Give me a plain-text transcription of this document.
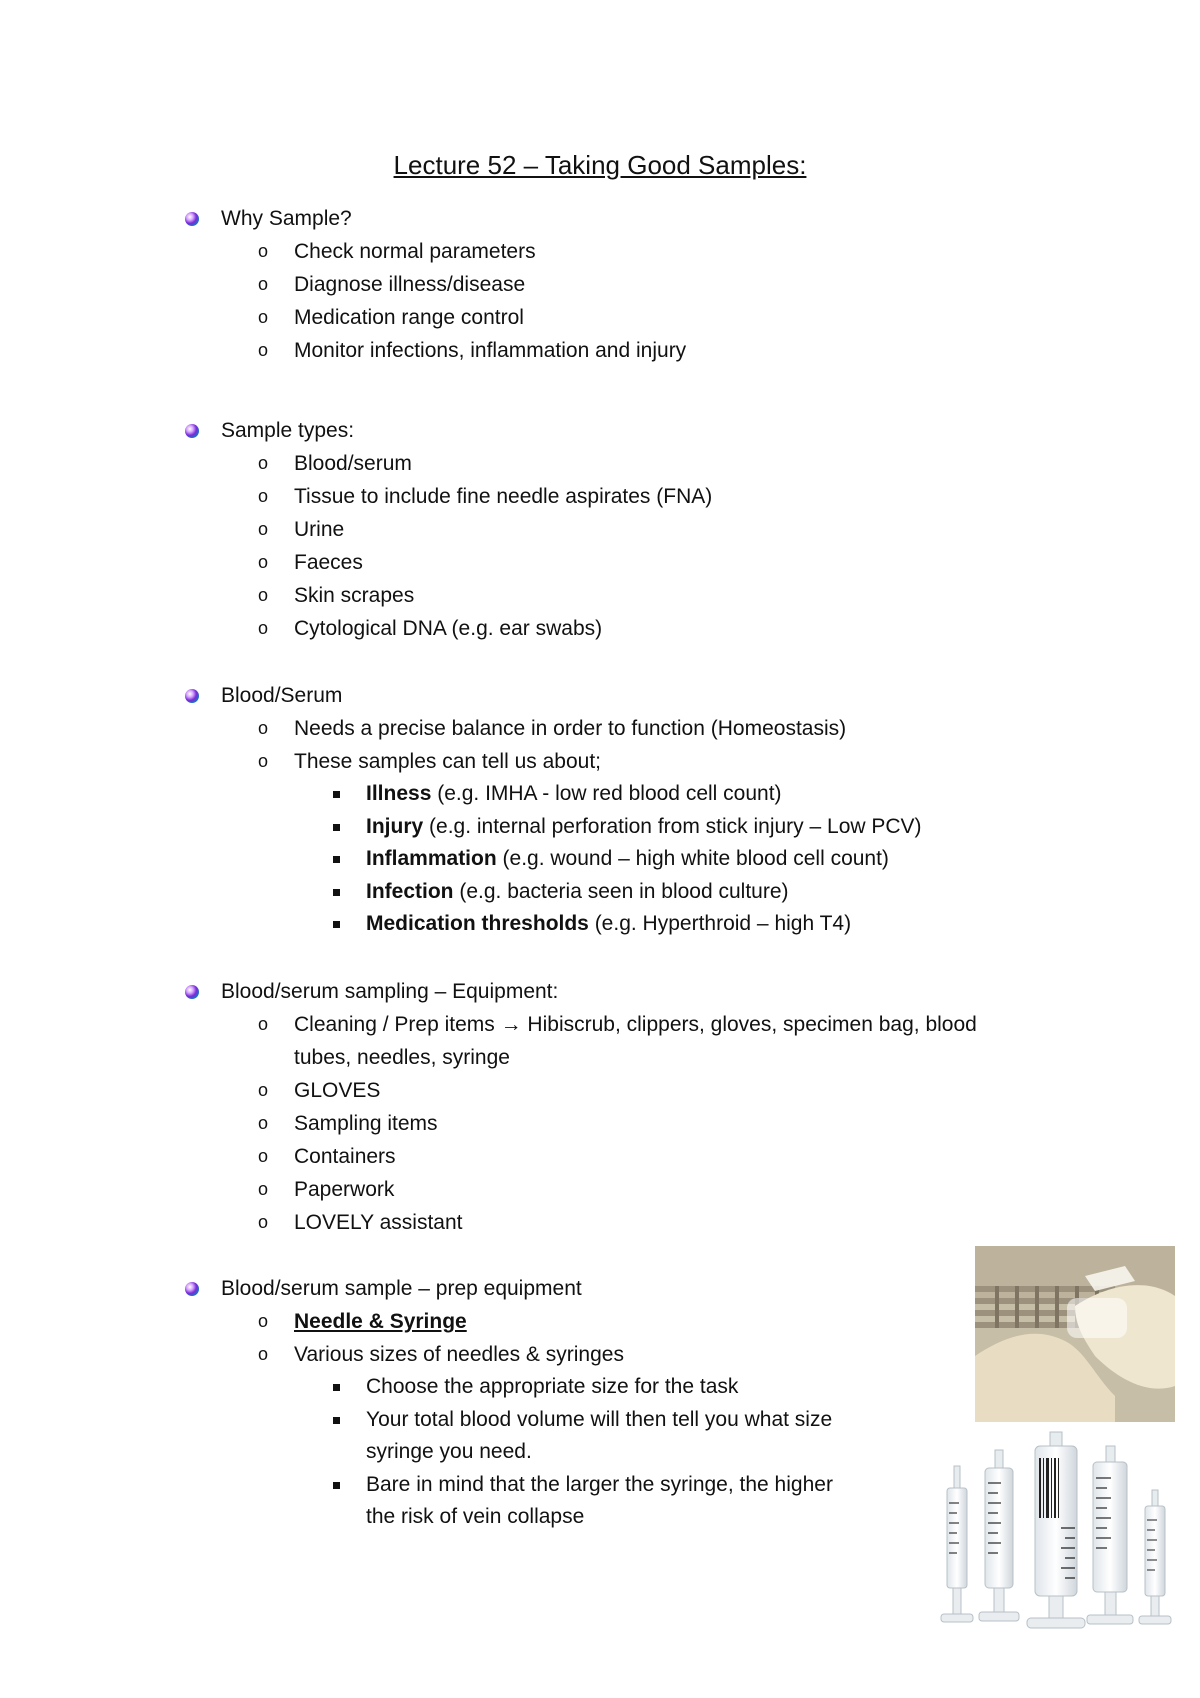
Lecture 52 – Taking Good Samples:
Why Sample?
o Check normal parameters
o Diagnose illness/disease
o Medication range control
o Monitor infections, inflammation and injury
Sample types:
o Blood/serum
o Tissue to include fine needle aspirates (FNA)
o Urine
o Faeces
o Skin scrapes
o Cytological DNA (e.g. ear swabs)
Blood/Serum
o Needs a precise balance in order to function (Homeostasis)
o These samples can tell us about;
Illness (e.g. IMHA - low red blood cell count)
Injury (e.g. internal perforation from stick injury – Low PCV)
Inflammation (e.g. wound – high white blood cell count)
Infection (e.g. bacteria seen in blood culture)
Medication thresholds (e.g. Hyperthroid – high T4)
Blood/serum sampling – Equipment:
o Cleaning / Prep items → Hibiscrub, clippers, gloves, specimen bag, blood tubes, needles, syringe
o GLOVES
o Sampling items
o Containers
o Paperwork
o LOVELY assistant
Blood/serum sample – prep equipment
o Needle & Syringe
o Various sizes of needles & syringes
Choose the appropriate size for the task
Your total blood volume will then tell you what size syringe you need.
Bare in mind that the larger the syringe, the higher the risk of vein collapse
